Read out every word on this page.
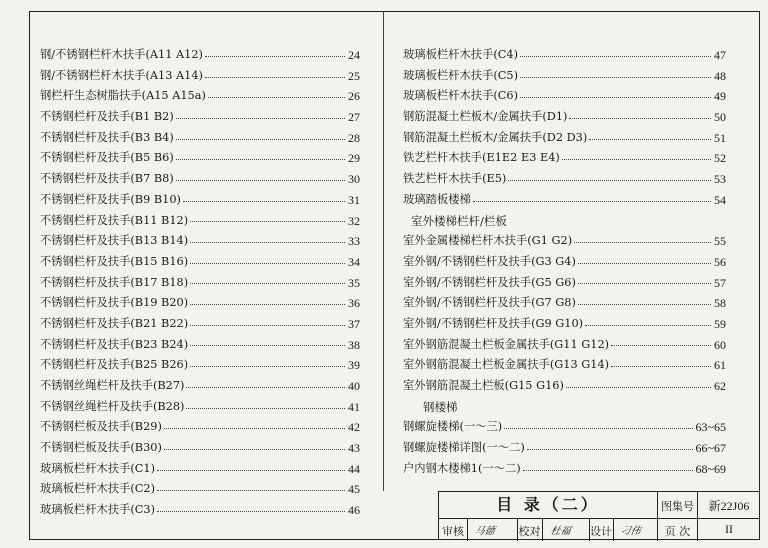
钢/不锈钢栏杆木扶手(A11 A12)	24
钢/不锈钢栏杆木扶手(A13 A14)	25
钢栏杆生态树脂扶手(A15 A15a)	26
不锈钢栏杆及扶手(B1 B2)	27
不锈钢栏杆及扶手(B3 B4)	28
不锈钢栏杆及扶手(B5 B6)	29
不锈钢栏杆及扶手(B7 B8)	30
不锈钢栏杆及扶手(B9 B10)	31
不锈钢栏杆及扶手(B11 B12)	32
不锈钢栏杆及扶手(B13 B14)	33
不锈钢栏杆及扶手(B15 B16)	34
不锈钢栏杆及扶手(B17 B18)	35
不锈钢栏杆及扶手(B19 B20)	36
不锈钢栏杆及扶手(B21 B22)	37
不锈钢栏杆及扶手(B23 B24)	38
不锈钢栏杆及扶手(B25 B26)	39
不锈钢丝绳栏杆及扶手(B27)	40
不锈钢丝绳栏杆及扶手(B28)	41
不锈钢栏板及扶手(B29)	42
不锈钢栏板及扶手(B30)	43
玻璃板栏杆木扶手(C1)	44
玻璃板栏杆木扶手(C2)	45
玻璃板栏杆木扶手(C3)	46
玻璃板栏杆木扶手(C4)	47
玻璃板栏杆木扶手(C5)	48
玻璃板栏杆木扶手(C6)	49
钢筋混凝土栏板木/金属扶手(D1)	50
钢筋混凝土栏板木/金属扶手(D2 D3)	51
铁艺栏杆木扶手(E1E2 E3 E4)	52
铁艺栏杆木扶手(E5)	53
玻璃踏板楼梯	54
室外楼梯栏杆/栏板
室外金属楼梯栏杆木扶手(G1 G2)	55
室外钢/不锈钢栏杆及扶手(G3 G4)	56
室外钢/不锈钢栏杆及扶手(G5 G6)	57
室外钢/不锈钢栏杆及扶手(G7 G8)	58
室外钢/不锈钢栏杆及扶手(G9 G10)	59
室外钢筋混凝土栏板金属扶手(G11 G12)	60
室外钢筋混凝土栏板金属扶手(G13 G14)	61
室外钢筋混凝土栏板(G15 G16)	62
钢楼梯
钢螺旋楼梯(一～三)	63~65
钢螺旋楼梯详图(一～二)	66~67
户内钢木楼梯1(一～二)	68~69
目 录（二）	图集号	新22J06
审核 马德 校对 杜福 设计 刁伟	页 次	II
